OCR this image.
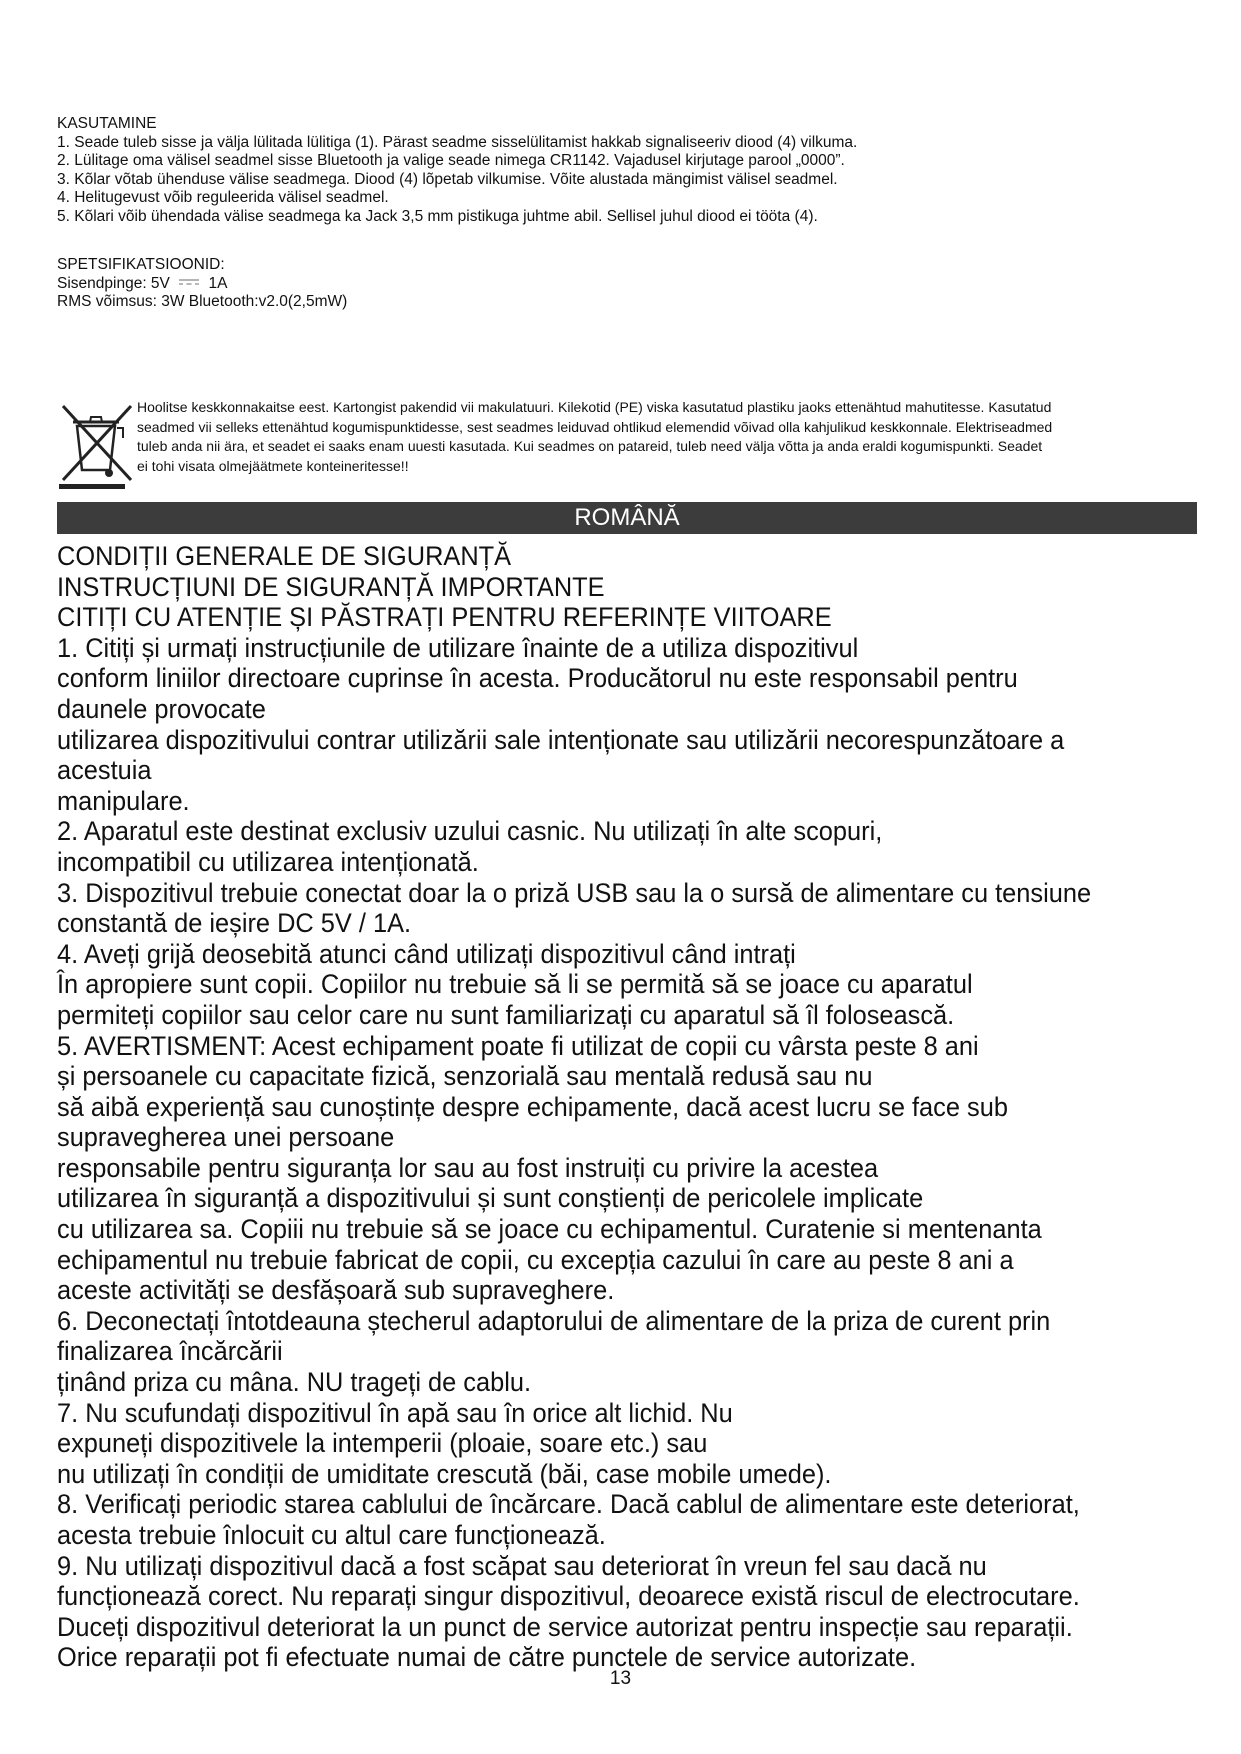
KASUTAMINE
1. Seade tuleb sisse ja välja lülitada lülitiga (1). Pärast seadme sisselülitamist hakkab signaliseeriv diood (4) vilkuma.
2. Lülitage oma välisel seadmel sisse Bluetooth ja valige seade nimega CR1142. Vajadusel kirjutage parool „0000”.
3. Kõlar võtab ühenduse välise seadmega. Diood (4) lõpetab vilkumise. Võite alustada mängimist välisel seadmel.
4. Helitugevust võib reguleerida välisel seadmel.
5. Kõlari võib ühendada välise seadmega ka Jack 3,5 mm pistikuga juhtme abil. Sellisel juhul diood ei tööta (4).
SPETSIFIKATSIOONID:
Sisendpinge: 5V 1A
RMS võimsus: 3W Bluetooth:v2.0(2,5mW)
Hoolitse keskkonnakaitse eest. Kartongist pakendid vii makulatuuri. Kilekotid (PE) viska kasutatud plastiku jaoks ettenähtud mahutitesse. Kasutatud
seadmed vii selleks ettenähtud kogumispunktidesse, sest seadmes leiduvad ohtlikud elemendid võivad olla kahjulikud keskkonnale. Elektriseadmed
tuleb anda nii ära, et seadet ei saaks enam uuesti kasutada. Kui seadmes on patareid, tuleb need välja võtta ja anda eraldi kogumispunkti. Seadet
ei tohi visata olmejäätmete konteineritesse!!
ROMÂNĂ
CONDIȚII GENERALE DE SIGURANȚĂ
INSTRUCȚIUNI DE SIGURANȚĂ IMPORTANTE
CITIȚI CU ATENȚIE ȘI PĂSTRAȚI PENTRU REFERINȚE VIITOARE
1. Citiți și urmați instrucțiunile de utilizare înainte de a utiliza dispozitivul
conform liniilor directoare cuprinse în acesta. Producătorul nu este responsabil pentru
daunele provocate
utilizarea dispozitivului contrar utilizării sale intenționate sau utilizării necorespunzătoare a
acestuia
manipulare.
2. Aparatul este destinat exclusiv uzului casnic. Nu utilizați în alte scopuri,
incompatibil cu utilizarea intenționată.
3. Dispozitivul trebuie conectat doar la o priză USB sau la o sursă de alimentare cu tensiune
constantă de ieșire DC 5V / 1A.
4. Aveți grijă deosebită atunci când utilizați dispozitivul când intrați
În apropiere sunt copii. Copiilor nu trebuie să li se permită să se joace cu aparatul
permiteți copiilor sau celor care nu sunt familiarizați cu aparatul să îl folosească.
5. AVERTISMENT: Acest echipament poate fi utilizat de copii cu vârsta peste 8 ani
și persoanele cu capacitate fizică, senzorială sau mentală redusă sau nu
să aibă experiență sau cunoștințe despre echipamente, dacă acest lucru se face sub
supravegherea unei persoane
responsabile pentru siguranța lor sau au fost instruiți cu privire la acestea
utilizarea în siguranță a dispozitivului și sunt conștienți de pericolele implicate
cu utilizarea sa. Copiii nu trebuie să se joace cu echipamentul. Curatenie si mentenanta
echipamentul nu trebuie fabricat de copii, cu excepția cazului în care au peste 8 ani a
aceste activități se desfășoară sub supraveghere.
6. Deconectați întotdeauna ștecherul adaptorului de alimentare de la priza de curent prin
finalizarea încărcării
ținând priza cu mâna. NU trageți de cablu.
7. Nu scufundați dispozitivul în apă sau în orice alt lichid. Nu
expuneți dispozitivele la intemperii (ploaie, soare etc.) sau
nu utilizați în condiții de umiditate crescută (băi, case mobile umede).
8. Verificați periodic starea cablului de încărcare. Dacă cablul de alimentare este deteriorat,
acesta trebuie înlocuit cu altul care funcționează.
9. Nu utilizați dispozitivul dacă a fost scăpat sau deteriorat în vreun fel sau dacă nu
funcționează corect. Nu reparați singur dispozitivul, deoarece există riscul de electrocutare.
Duceți dispozitivul deteriorat la un punct de service autorizat pentru inspecție sau reparații.
Orice reparații pot fi efectuate numai de către punctele de service autorizate.
13
